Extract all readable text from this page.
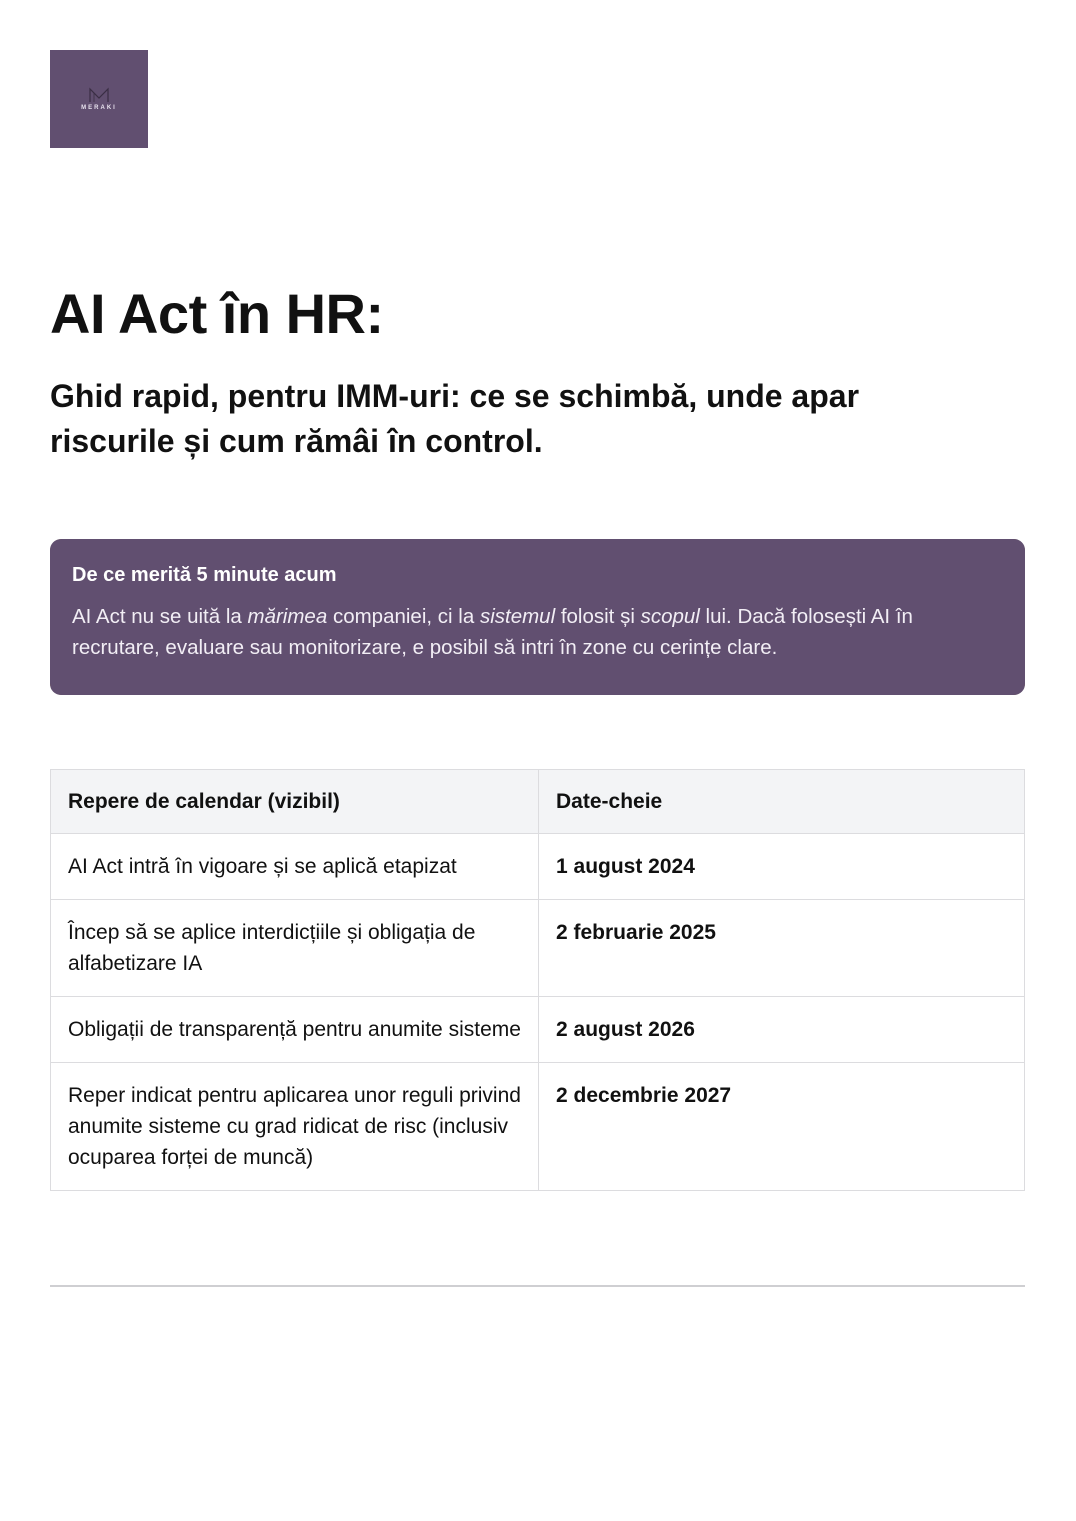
MERAKI
AI Act în HR:
Ghid rapid, pentru IMM-uri: ce se schimbă, unde apar riscurile și cum rămâi în control.

De ce merită 5 minute acum

AI Act nu se uită la mărimea companiei, ci la sistemul folosit și scopul lui. Dacă folosești AI în recrutare, evaluare sau monitorizare, e posibil să intri în zone cu cerințe clare.

Repere de calendar (vizibil)	Date-cheie
AI Act intră în vigoare și se aplică etapizat	1 august 2024
Încep să se aplice interdicțiile și obligația de alfabetizare IA	2 februarie 2025
Obligații de transparență pentru anumite sisteme	2 august 2026
Reper indicat pentru aplicarea unor reguli privind anumite sisteme cu grad ridicat de risc (inclusiv ocuparea forței de muncă)	2 decembrie 2027
